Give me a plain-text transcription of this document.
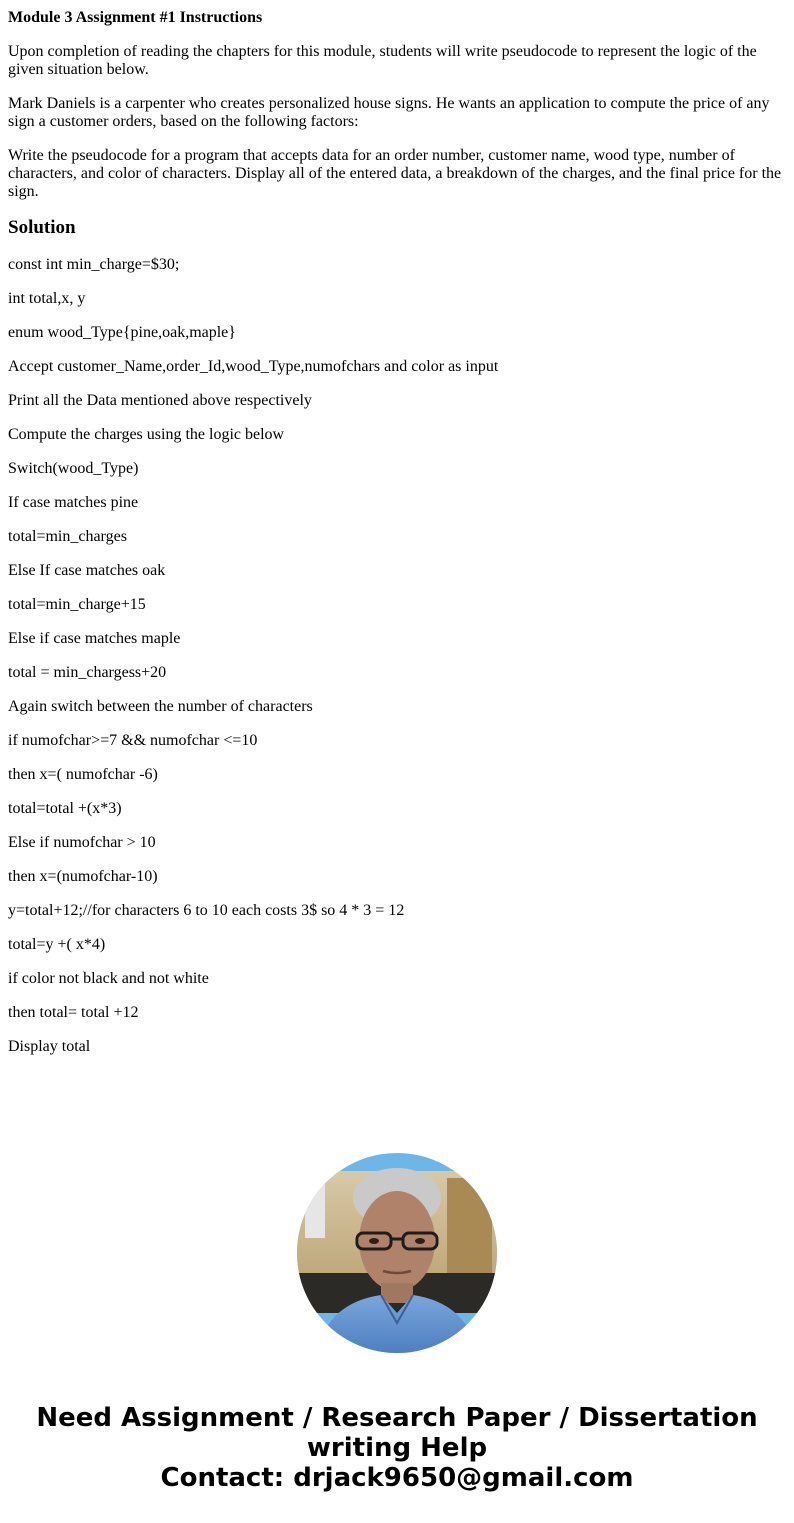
Module 3 Assignment #1 Instructions

Upon completion of reading the chapters for this module, students will write pseudocode to represent the logic of the given situation below.

Mark Daniels is a carpenter who creates personalized house signs. He wants an application to compute the price of any sign a customer orders, based on the following factors:

Write the pseudocode for a program that accepts data for an order number, customer name, wood type, number of characters, and color of characters. Display all of the entered data, a breakdown of the charges, and the final price for the sign.

Solution

const int min_charge=$30;

int total,x, y

enum wood_Type{pine,oak,maple}

Accept customer_Name,order_Id,wood_Type,numofchars and color as input

Print all the Data mentioned above respectively

Compute the charges using the logic below

Switch(wood_Type)

If case matches pine

total=min_charges

Else If case matches oak

total=min_charge+15

Else if case matches maple

total = min_chargess+20

Again switch between the number of characters

if numofchar>=7 && numofchar <=10

then x=( numofchar -6)

total=total +(x*3)

Else if numofchar > 10

then x=(numofchar-10)

y=total+12;//for characters 6 to 10 each costs 3$ so 4 * 3 = 12

total=y +( x*4)

if color not black and not white

then total= total +12

Display total

Need Assignment / Research Paper / Dissertation
writing Help
Contact: drjack9650@gmail.com
